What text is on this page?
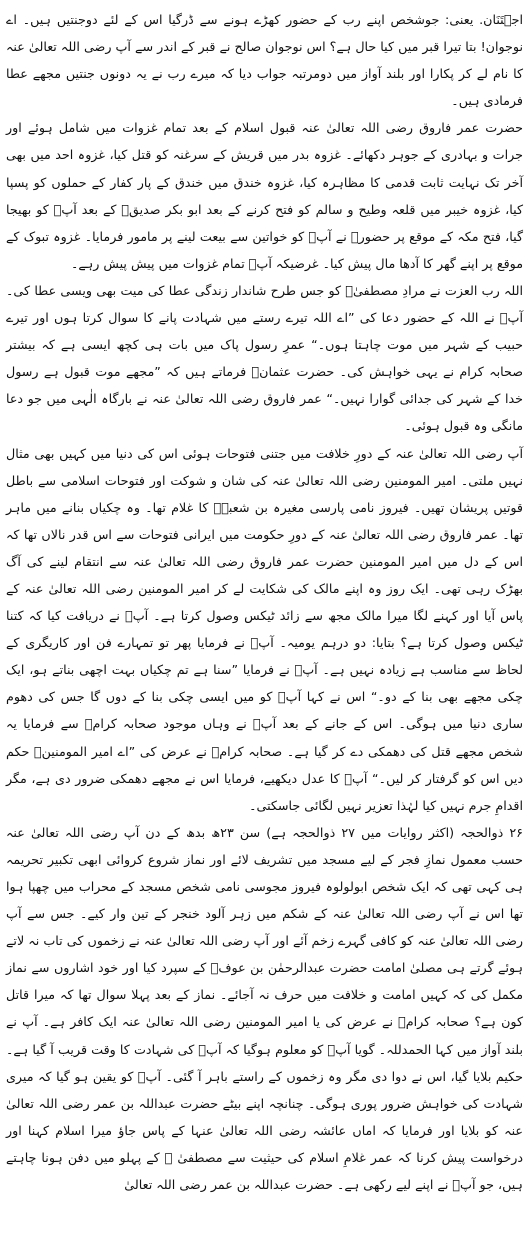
اجۡتَنَان. یعنی: جوشخص اپنے رب کے حضور کھڑے ہونے سے ڈرگیا اس کے لئے دوجنتیں ہیں۔ اے نوجوان! بتا تیرا قبر میں کیا حال ہے؟ اس نوجوان صالح نے قبر کے اندر سے آپ رضی اللہ تعالیٰ عنہ کا نام لے کر پکارا اور بلند آواز میں دومرتبہ جواب دیا کہ میرے رب نے یہ دونوں جنتیں مجھے عطا فرمادی ہیں۔

حضرت عمر فاروق رضی اللہ تعالیٰ عنہ قبول اسلام کے بعد تمام غزوات میں شامل ہوئے اور جرات و بہادری کے جوہر دکھائے۔ غزوہ بدر میں قریش کے سرغنہ کو قتل کیا، غزوہ احد میں بھی آخر تک نہایت ثابت قدمی کا مظاہرہ کیا، غزوہ خندق میں خندق کے پار کفار کے حملوں کو پسپا کیا، غزوہ خیبر میں قلعہ وطیح و سالم کو فتح کرنے کے بعد ابو بکر صدیقؓ کے بعد آپؓ کو بھیجا گیا، فتح مکہ کے موقع پر حضورﷺ نے آپؓ کو خواتین سے بیعت لینے پر مامور فرمایا۔ غزوہ تبوک کے موقع پر اپنے گھر کا آدھا مال پیش کیا۔ غرضیکہ آپؓ تمام غزوات میں پیش پیش رہے۔

اللہ رب العزت نے مرادِ مصطفیٰؐ کو جس طرح شاندار زندگی عطا کی میت بھی ویسی عطا کی۔ آپؓ نے اللہ کے حضور دعا کی ”اے اللہ تیرے رستے میں شہادت پانے کا سوال کرتا ہوں اور تیرے حبیب کے شہر میں موت چاہتا ہوں۔“ عمرِ رسول پاک میں بات ہی کچھ ایسی ہے کہ بیشتر صحابہ کرام نے یہی خواہش کی۔ حضرت عثمانؓ فرماتے ہیں کہ ”مجھے موت قبول ہے رسول خدا کے شہر کی جدائی گوارا نہیں۔“ عمر فاروق رضی اللہ تعالیٰ عنہ نے بارگاہ الٰہی میں جو دعا مانگی وہ قبول ہوئی۔

آپ رضی اللہ تعالیٰ عنہ کے دورِ خلافت میں جتنی فتوحات ہوئی اس کی دنیا میں کہیں بھی مثال نہیں ملتی۔ امیر المومنین رضی اللہ تعالیٰ عنہ کی شان و شوکت اور فتوحات اسلامی سے باطل قوتیں پریشان تھیں۔ فیروز نامی پارسی مغیرہ بن شعبہؓ کا غلام تھا۔ وہ چکیاں بنانے میں ماہر تھا۔ عمر فاروق رضی اللہ تعالیٰ عنہ کے دورِ حکومت میں ایرانی فتوحات سے اس قدر نالاں تھا کہ اس کے دل میں امیر المومنین حضرت عمر فاروق رضی اللہ تعالیٰ عنہ سے انتقام لینے کی آگ بھڑک رہی تھی۔ ایک روز وہ اپنے مالک کی شکایت لے کر امیر المومنین رضی اللہ تعالیٰ عنہ کے پاس آیا اور کہنے لگا میرا مالک مجھ سے زائد ٹیکس وصول کرتا ہے۔ آپؓ نے دریافت کیا کہ کتنا ٹیکس وصول کرتا ہے؟ بتایا: دو درہم یومیہ۔ آپؓ نے فرمایا پھر تو تمہارے فن اور کاریگری کے لحاظ سے مناسب ہے زیادہ نہیں ہے۔ آپؓ نے فرمایا ”سنا ہے تم چکیاں بہت اچھی بناتے ہو، ایک چکی مجھے بھی بنا کے دو۔“ اس نے کہا آپؓ کو میں ایسی چکی بنا کے دوں گا جس کی دھوم ساری دنیا میں ہوگی۔ اس کے جانے کے بعد آپؓ نے وہاں موجود صحابہ کرامؓ سے فرمایا یہ شخص مجھے قتل کی دھمکی دے کر گیا ہے۔ صحابہ کرامؓ نے عرض کی ”اے امیر المومنینؓ حکم دیں اس کو گرفتار کر لیں۔“ آپؓ کا عدل دیکھیے، فرمایا اس نے مجھے دھمکی ضرور دی ہے، مگر اقدامِ جرم نہیں کیا لہٰذا تعزیر نہیں لگائی جاسکتی۔

۲۶ ذوالحجہ (اکثر روایات میں ۲۷ ذوالحجہ ہے) سن ۲۳ھ بدھ کے دن آپ رضی اللہ تعالیٰ عنہ حسب معمول نمازِ فجر کے لیے مسجد میں تشریف لائے اور نماز شروع کروائی ابھی تکبیر تحریمہ ہی کہی تھی کہ ایک شخص ابولولوہ فیروز مجوسی نامی شخص مسجد کے محراب میں چھپا ہوا تھا اس نے آپ رضی اللہ تعالیٰ عنہ کے شکم میں زہر آلود خنجر کے تین وار کیے۔ جس سے آپ رضی اللہ تعالیٰ عنہ کو کافی گہرے زخم آئے اور آپ رضی اللہ تعالیٰ عنہ نے زخموں کی تاب نہ لاتے ہوئے گرتے ہی مصلیٰ امامت حضرت عبدالرحمٰن بن عوفؓ کے سپرد کیا اور خود اشاروں سے نماز مکمل کی کہ کہیں امامت و خلافت میں حرف نہ آجائے۔ نماز کے بعد پہلا سوال تھا کہ میرا قاتل کون ہے؟ صحابہ کرامؓ نے عرض کی یا امیر المومنین رضی اللہ تعالیٰ عنہ ایک کافر ہے۔ آپ نے بلند آواز میں کہا الحمدللہ۔ گویا آپؓ کو معلوم ہوگیا کہ آپؓ کی شہادت کا وقت قریب آ گیا ہے۔ حکیم بلایا گیا، اس نے دوا دی مگر وہ زخموں کے راستے باہر آ گئی۔ آپؓ کو یقین ہو گیا کہ میری شہادت کی خواہش ضرور پوری ہوگی۔ چنانچہ اپنے بیٹے حضرت عبداللہ بن عمر رضی اللہ تعالیٰ عنہ کو بلایا اور فرمایا کہ اماں عائشہ رضی اللہ تعالیٰ عنہا کے پاس جاؤ میرا اسلام کہنا اور درخواست پیش کرنا کہ عمر غلامِ اسلام کی حیثیت سے مصطفیٰ ﷺ کے پہلو میں دفن ہونا چاہتے ہیں، جو آپؓ نے اپنے لیے رکھی ہے۔ حضرت عبداللہ بن عمر رضی اللہ تعالیٰ
